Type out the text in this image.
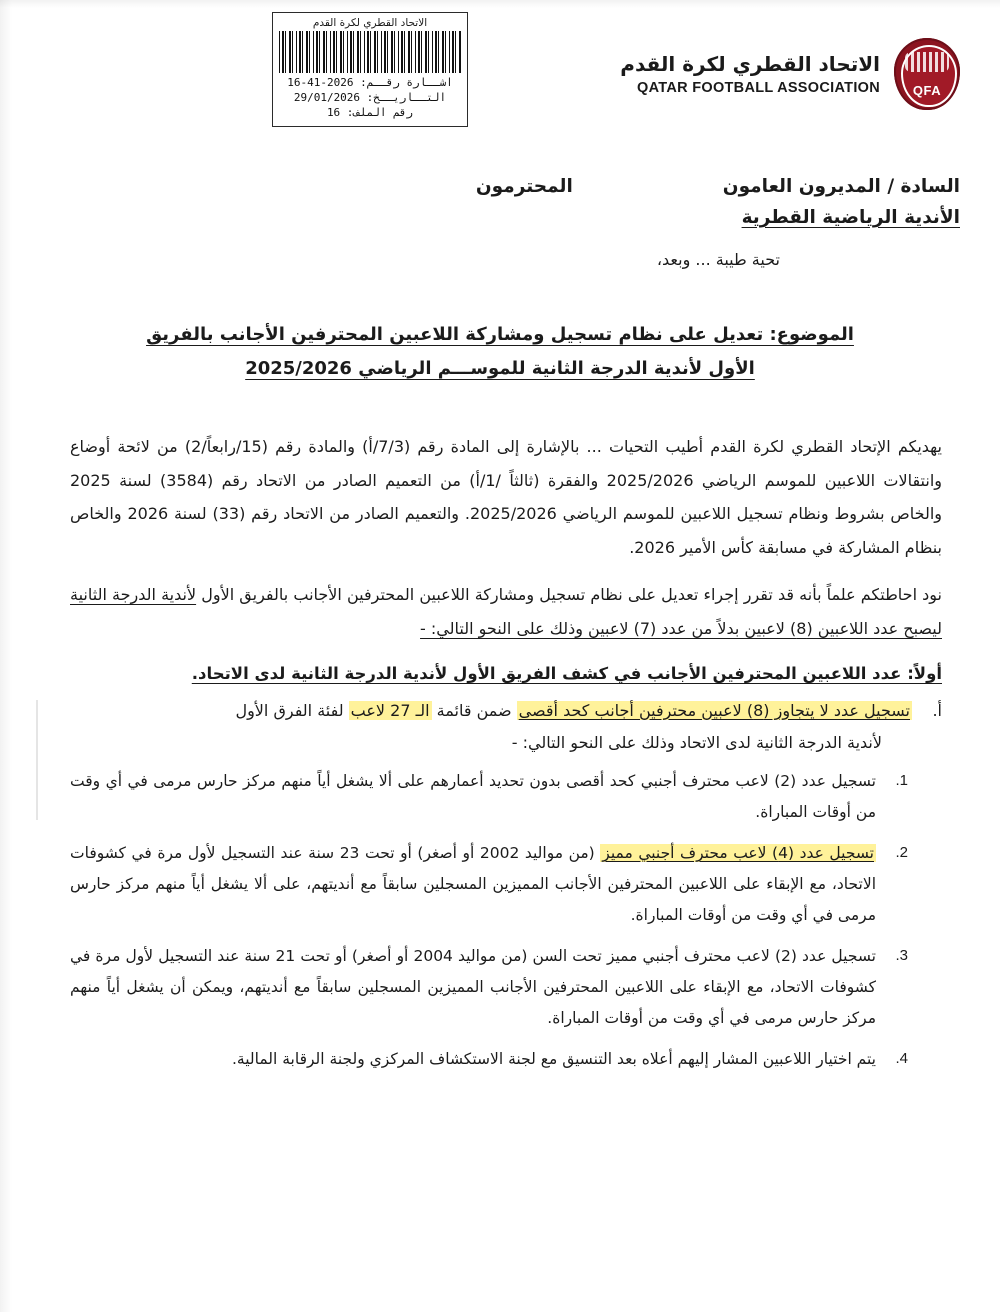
QFA
الاتحاد القطري لكرة القدم
QATAR FOOTBALL ASSOCIATION
الاتحاد القطري لكرة القدم
اشــارة رقــم: 2026-41-16
التــاريــخ: 29/01/2026
رقم الملف: 16
السادة / المديرون العامون
المحترمون
الأندية الرياضية القطرية
تحية طيبة ... وبعد،
الموضوع: تعديل على نظام تسجيل ومشاركة اللاعبين المحترفين الأجانب بالفريق
الأول لأندية الدرجة الثانية للموســـم الرياضي 2025/2026
يهديكم الإتحاد القطري لكرة القدم أطيب التحيات ... بالإشارة إلى المادة رقم (7/3/أ) والمادة رقم (15/رابعاً/2) من لائحة أوضاع وانتقالات اللاعبين للموسم الرياضي 2025/2026 والفقرة (ثالثاً /1/أ) من التعميم الصادر من الاتحاد رقم (3584) لسنة 2025 والخاص بشروط ونظام تسجيل اللاعبين للموسم الرياضي 2025/2026. والتعميم الصادر من الاتحاد رقم (33) لسنة 2026 والخاص بنظام المشاركة في مسابقة كأس الأمير 2026.
نود احاطتكم علماً بأنه قد تقرر إجراء تعديل على نظام تسجيل ومشاركة اللاعبين المحترفين الأجانب بالفريق الأول لأندية الدرجة الثانية ليصبح عدد اللاعبين (8) لاعبين بدلاً من عدد (7) لاعبين وذلك على النحو التالي: -
أولاً: عدد اللاعبين المحترفين الأجانب في كشف الفريق الأول لأندية الدرجة الثانية لدى الاتحاد.
أ.
تسجيل عدد لا يتجاوز (8) لاعبين محترفين أجانب كحد أقصى ضمن قائمة الـ 27 لاعب لفئة الفرق الأول
لأندية الدرجة الثانية لدى الاتحاد وذلك على النحو التالي: -
تسجيل عدد (2) لاعب محترف أجنبي كحد أقصى بدون تحديد أعمارهم على ألا يشغل أياً منهم مركز حارس مرمى في أي وقت من أوقات المباراة.
تسجيل عدد (4) لاعب محترف أجنبي مميز (من مواليد 2002 أو أصغر) أو تحت 23 سنة عند التسجيل لأول مرة في كشوفات الاتحاد، مع الإبقاء على اللاعبين المحترفين الأجانب المميزين المسجلين سابقاً مع أنديتهم، على ألا يشغل أياً منهم مركز حارس مرمى في أي وقت من أوقات المباراة.
تسجيل عدد (2) لاعب محترف أجنبي مميز تحت السن (من مواليد 2004 أو أصغر) أو تحت 21 سنة عند التسجيل لأول مرة في كشوفات الاتحاد، مع الإبقاء على اللاعبين المحترفين الأجانب المميزين المسجلين سابقاً مع أنديتهم، ويمكن أن يشغل أياً منهم مركز حارس مرمى في أي وقت من أوقات المباراة.
يتم اختيار اللاعبين المشار إليهم أعلاه بعد التنسيق مع لجنة الاستكشاف المركزي ولجنة الرقابة المالية.
